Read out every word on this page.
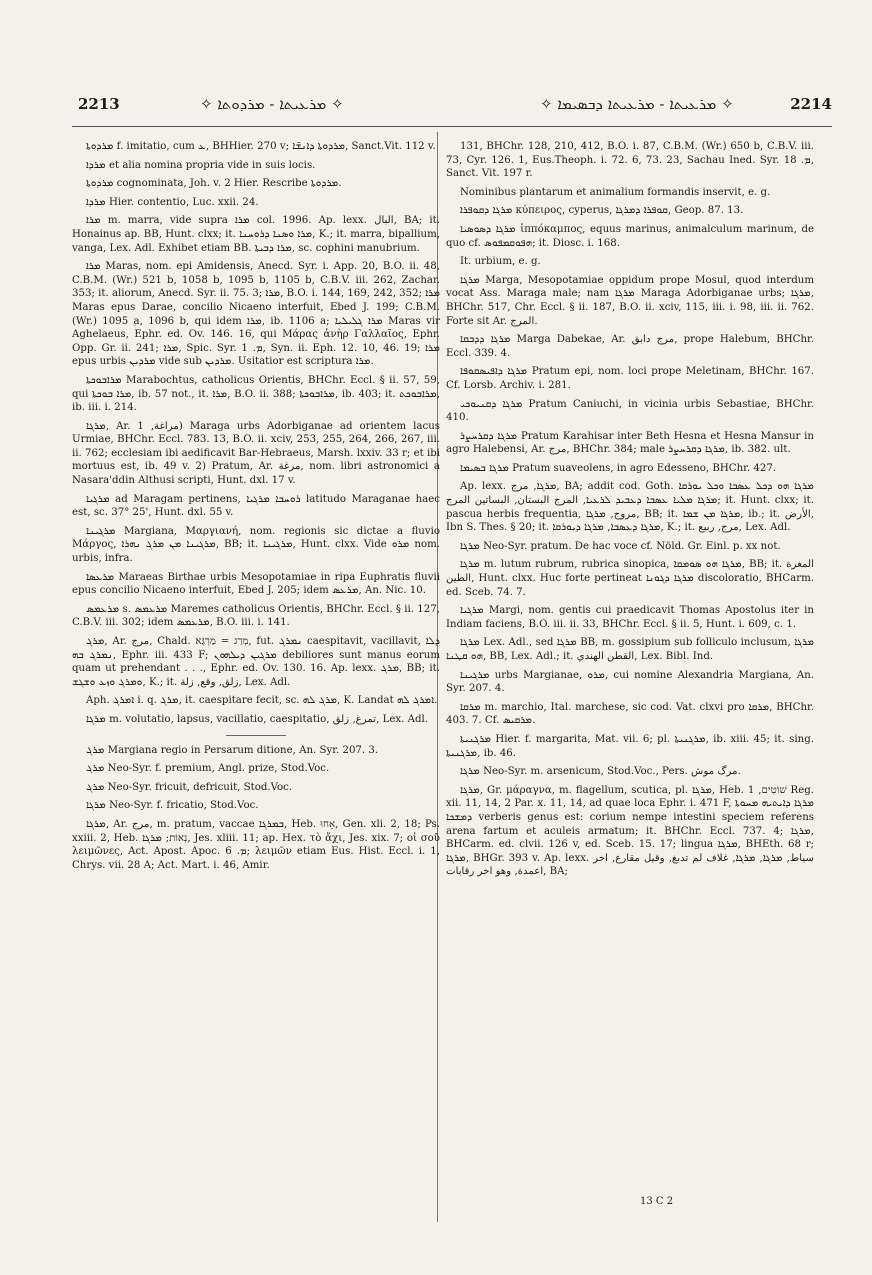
2213	✧ ܡܪܥܝܬܐ - ܡܪܕܘܬܐ ✧	✧ ܡܪܥܝܬܐ - ܡܪܥܝܬܐ ܕܒܣܝܡܐ ✧	2214

ܡܪܕܘܬܐ f. imitatio, cum ܥ, BHHier. 270 v; ܡܪܕܘܬܐ ܕܐܢܫ̈ܐ, Sanct.Vit. 112 v.

ܡܪܕܐ et alia nomina propria vide in suis locis.

ܡܪܕܘܬܐ cognominata, Joh. v. 2 Hier. Rescribe ܡܪܕܘܬܐ.

ܡܪܕܐ Hier. contentio, Luc. xxii. 24.

ܡܪܐ m. marra, vide supra ܡܪܐ col. 1996. Ap. lexx. البال, BA; it. Honainus ap. BB, Hunt. clxx; it. ܡܪܐ ܘܣܢܐ ܕܪܘܚܢܐ, K.; it. marra, bipallium, vanga, Lex. Adl. Exhibet etiam BB. ܡܪܐ ܕܒܝܬܐ, sc. cophini manubrium.

ܡܪܐ Maras, nom. epi Amidensis, Anecd. Syr. i. App. 20, B.O. ii. 48, C.B.M. (Wr.) 521 b, 1058 b, 1095 b, 1105 b, C.B.V. iii. 262, Zachar. 353; it. aliorum, Anecd. Syr. ii. 75. 3; ܡܪܐ, B.O. i. 144, 169, 242, 352; ܡܪܐ Maras epus Darae, concilio Nicaeno interfuit, Ebed J. 199; C.B.M. (Wr.) 1095 a, 1096 b, qui idem ܡܪܐ, ib. 1106 a; ܡܪܐ ܓܠܝܠܝܐ Maras vir Aghelaeus, Ephr. ed. Ov. 146. 16, qui Μάρας ἀνὴρ Γαλλαῖος, Ephr. Opp. Gr. ii. 241; ܡܪܐ, Spic. Syr. ܡ. 1, Syn. ii. Eph. 12. 10, 46. 19; ܡܪܐ epus urbis ܡܪܕܝܢ vide sub ܡܪܕܝܢ. Usitatior est scriptura ܡܪܐ.

ܡܪܐܒܘܟܬܐ Marabochtus, catholicus Orientis, BHChr. Eccl. § ii. 57, 59, qui ܡܪܐ ܒܘܟܬܐ, ib. 57 not., it. ܡܪܐ, B.O. ii. 388; ܡܪܐܒܘܟܬܐ, ib. 403; it. ܡܪܐܒܘܟܬ, ib. iii. i. 214.

ܡܪܓܐ, Ar. مراغة, 1) Maraga urbs Adorbiganae ad orientem lacus Urmiae, BHChr. Eccl. 783. 13, B.O. ii. xciv, 253, 255, 264, 266, 267, iii. ii. 762; ecclesiam ibi aedificavit Bar-Hebraeus, Marsh. lxxiv. 33 r; et ibi mortuus est, ib. 49 v. 2) Pratum, Ar. مرغة, nom. libri astronomici a Nasara'ddin Althusi scripti, Hunt. dxl. 17 v.

ܡܪܓܝܐ ad Maragam pertinens, ܪܘܚܒܐ ܡܪܓܝܐ latitudo Maraganae haec est, sc. 37° 25', Hunt. dxl. 55 v.

ܡܪܓܝܢܐ Margiana, Μαργιανή, nom. regionis sic dictae a fluvio Μάργος, ܡܪܓܝܢܐ ܡܢ ܡܪܓ ܢܗܪܐ, BB; it. ܡܪܓܝܢܐ, Hunt. clxx. Vide ܡܪܘ nom. urbis, infra.

ܡܪܥܣܐ Maraeas Birthae urbis Mesopotamiae in ripa Euphratis fluvii epus concilio Nicaeno interfuit, Ebed J. 205; idem ܡܪܥܣ, An. Nic. 10.

ܡܪܥܡܣ s. ܡܪܥܡܣ Maremes catholicus Orientis, BHChr. Eccl. § ii. 127, C.B.V. iii. 302; idem ܡܪܥܡܣ, B.O. iii. i. 141.

ܡܪܓ, Ar. مرج, Chald. מְרַג = מַרְגָּא, fut. ܢܡܪܓ caespitavit, vacillavit, ܕܠܐ ܢܡܪܓ ܒܗ, Ephr. iii. 433 F; ܡܪܓܝܢ ܕܝܠܗܘܢ debiliores sunt manus eorum quam ut prehendant . . ., Ephr. ed. Ov. 130. 16. Ap. lexx. ܡܪܓ, BB; it. ܘܡܪܓ ܘܙܥ ܘܫܓܫ, K.; it. زلق, وقع, زلة, Lex. Adl.

Aph. ܐܡܪܓ i. q. ܡܪܓ, it. caespitare fecit, sc. ܡܪܓ ܠܗ, K. Landat ܐܡܪܓ ܠܗ.

ܡܪܓܐ m. volutatio, lapsus, vacillatio, caespitatio, تمرغ, زلق, Lex. Adl.

ܡܪܓ Margiana regio in Persarum ditione, An. Syr. 207. 3.

ܡܪܓ Neo-Syr. f. premium, Angl. prize, Stod.Voc.

ܡܪܓ Neo-Syr. fricuit, defricuit, Stod.Voc.

ܡܪܓܐ Neo-Syr. f. fricatio, Stod.Voc.

ܡܪܓܐ, Ar. مرج, m. pratum, vaccae ܒܡܪܓܐ, Heb. אָחוּ, Gen. xli. 2, 18; Ps. xxiii. 2, Heb. נְאוֹת; ܡܪܓܐ, Jes. xliii. 11; ap. Hex. τὸ ἄχι, Jes. xix. 7; οἱ σοῦ λειμῶνες, Act. Apost. Apoc. ܡ. 6; λειμῶν etiam Eus. Hist. Eccl. i. 1, Chrys. vii. 28 A; Act. Mart. i. 46, Amir.

131, BHChr. 128, 210, 412, B.O. i. 87, C.B.M. (Wr.) 650 b, C.B.V. iii. 73, Cyr. 126. 1, Eus.Theoph. i. 72. 6, 73. 23, Sachau Ined. Syr. ܡ. 18, Sanct. Vit. 197 r.

Nominibus plantarum et animalium formandis inservit, e. g.

ܡܪܓܐ ܕܩܘܦܪܐ κύπειρος, cyperus, ܩܘܦܪܐ ܕܡܪܓܐ, Geop. 87. 13.

ܡܪܓܐ ܕܣܘܣܝܐ ἱππόκαμπος, equus marinus, animalculum marinum, de quo cf. ܗܦܘܩܡܦܘܣ; it. Diosc. i. 168.

It. urbium, e. g.

ܡܪܓܐ Marga, Mesopotamiae oppidum prope Mosul, quod interdum vocat Ass. Maraga male; nam ܡܪܓܐ Maraga Adorbiganae urbs; ܡܪܓܐ, BHChr. 517, Chr. Eccl. § ii. 187, B.O. ii. xciv, 115, iii. i. 98, iii. ii. 762. Forte sit Ar. المرج.

ܡܪܓܐ ܕܕܒܩܐ Marga Dabekae, Ar. مرج دابق, prope Halebum, BHChr. Eccl. 339. 4.

ܡܪܓܐ ܕܐܦܝܣܩܘܦܐ Pratum epi, nom. loci prope Meletinam, BHChr. 167. Cf. Lorsb. Archiv. i. 281.

ܡܪܓܐ ܕܩܢܝܘܟܝ Pratum Caniuchi, in vicinia urbis Sebastiae, BHChr. 410.

ܡܪܓܐ ܕܩܪܚܨܪ Pratum Karahisar inter Beth Hesna et Hesna Mansur in agro Halebensi, Ar. مرج, BHChr. 384; male ܡܪܓܐ ܕܩܪܚܨܪ, ib. 382. ult.

ܡܪܓܐ ܒܣܝܡܐ Pratum suaveolens, in agro Edesseno, BHChr. 427.

Ap. lexx. ܡܪܓܐ, مرج, BA; addit cod. Goth. ܡܪܓܐ ܗܘ ܕܟܠ ܥܣܒܐ ܘܟܠ ܝܘܪܩܐ ܡܪܓܐ ܡܠܝܐ ܥܣܒܐ ܕܥܒܝܕ ܠܪܥܝܐ, المرج البستان, البساتين المرج; it. Hunt. clxx; it. pascua herbis frequentia, مروج, ܡܪܓܐ, BB; it. ܡܪܓܐ ܡܢ ܫܡܐ, ib.; it. الأرض, Ibn S. Thes. § 20; it. ܡܪܓܐ ܕܥܣܒܐ, ܡܪܓܐ ܕܝܘܪܩܐ, K.; it. مرج, ربيع, Lex. Adl.

ܡܪܓܐ Neo-Syr. pratum. De hac voce cf. Nöld. Gr. Einl. p. xx not.

ܡܪܓܐ m. lutum rubrum, rubrica sinopica, ܡܪܓܐ ܗܘ ܣܘܡܩܐ, BB; it. المغرة الطين, Hunt. clxx. Huc forte pertineat ܡܪܓܐ ܕܓܘܢܐ discoloratio, BHCarm. ed. Sceb. 74. 7.

ܡܪܓܝܐ Margi, nom. gentis cui praedicavit Thomas Apostolus iter in Indiam faciens, B.O. iii. ii. 33, BHChr. Eccl. § ii. 5, Hunt. i. 609, c. 1.

ܡܪܓܐ Lex. Adl., sed ܡܪܓܐ BB, m. gossipium sub folliculo inclusum, ܡܪܓܐ ܗܘ ܩܛܢܐ, BB, Lex. Adl.; it. القطن الهندي, Lex. Bibl. Ind.

ܡܪܓܝܢܐ urbs Margianae, ܡܪܘ, cui nomine Alexandria Margiana, An. Syr. 207. 4.

ܡܪܩܐ m. marchio, Ital. marchese, sic cod. Vat. clxvi pro ܡܪܩܐ, BHChr. 403. 7. Cf. ܡܪܩܝܣ.

ܡܪܓܢܝܬܐ Hier. f. margarita, Mat. vii. 6; pl. ܡܪܓܢܝܬܐ, ib. xiii. 45; it. sing. ܡܪܓܢܝܬܐ, ib. 46.

ܡܪܓܐ Neo-Syr. m. arsenicum, Stod.Voc., Pers. مرگ موش.

ܡܪܓܐ, Gr. μάραγνα, m. flagellum, scutica, pl. ܡܪܓܐ, Heb. שׁוֹטִים, 1 Reg. xii. 11, 14, 2 Par. x. 11, 14, ad quae loca Ephr. i. 471 F, ܡܪܓܐ ܕܐܝܬܝܗ ܡܚܘܬܐ ܕܡܫܟܐ verberis genus est: corium nempe intestini speciem referens arena fartum et aculeis armatum; it. BHChr. Eccl. 737. 4; ܡܪܓܐ, BHCarm. ed. clvii. 126 v, ed. Sceb. 15. 17; lingua ܡܪܓܐ, BHEth. 68 r; ܡܪܓܐ, BHGr. 393 v. Ap. lexx. سياط, ܡܪܓܐ, ܡܪܓܐ, غلاف لم تدبغ, وقيل مقارع, اخر اعمدة, وهو اخر رقابات, BA;

13 C 2
